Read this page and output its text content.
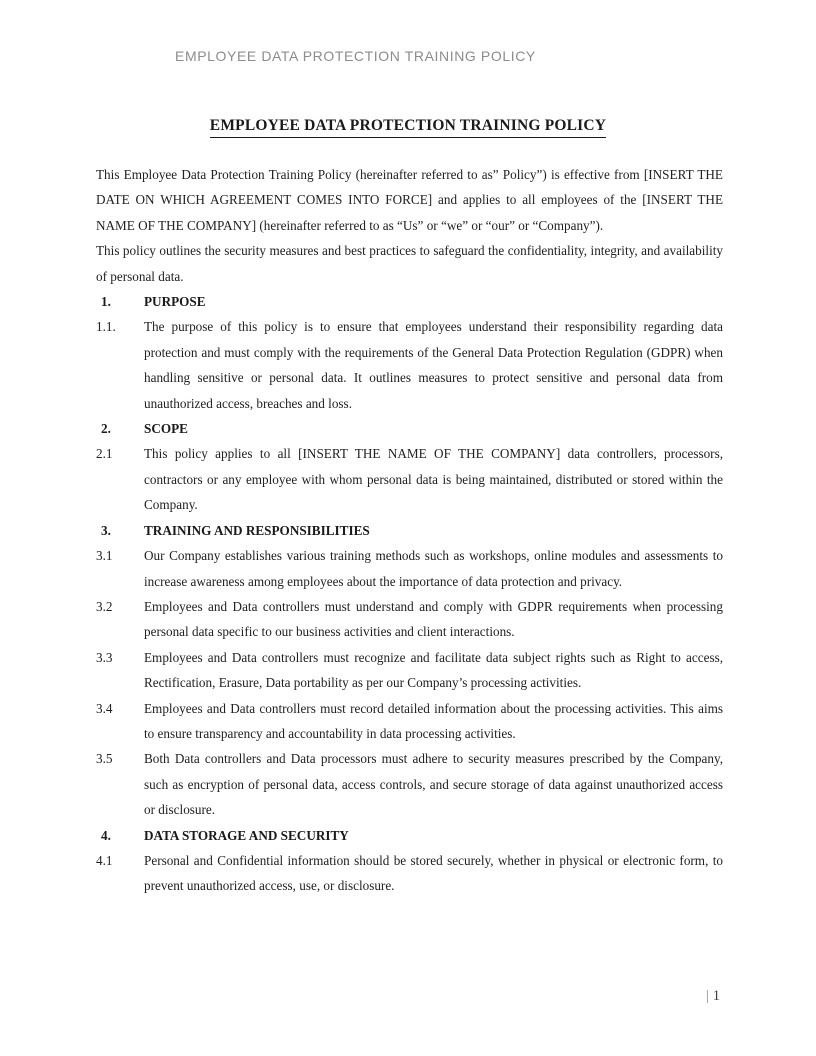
EMPLOYEE DATA PROTECTION TRAINING POLICY
EMPLOYEE DATA PROTECTION TRAINING POLICY

This Employee Data Protection Training Policy (hereinafter referred to as” Policy”) is effective from [INSERT THE DATE ON WHICH AGREEMENT COMES INTO FORCE] and applies to all employees of the [INSERT THE NAME OF THE COMPANY] (hereinafter referred to as “Us” or “we” or “our” or “Company”).

This policy outlines the security measures and best practices to safeguard the confidentiality, integrity, and availability of personal data.

1.	PURPOSE
1.1. The purpose of this policy is to ensure that employees understand their responsibility regarding data protection and must comply with the requirements of the General Data Protection Regulation (GDPR) when handling sensitive or personal data. It outlines measures to protect sensitive and personal data from unauthorized access, breaches and loss.
2.	SCOPE
2.1 This policy applies to all [INSERT THE NAME OF THE COMPANY] data controllers, processors, contractors or any employee with whom personal data is being maintained, distributed or stored within the Company.
3.	TRAINING AND RESPONSIBILITIES
3.1 Our Company establishes various training methods such as workshops, online modules and assessments to increase awareness among employees about the importance of data protection and privacy.
3.2 Employees and Data controllers must understand and comply with GDPR requirements when processing personal data specific to our business activities and client interactions.
3.3 Employees and Data controllers must recognize and facilitate data subject rights such as Right to access, Rectification, Erasure, Data portability as per our Company’s processing activities.
3.4 Employees and Data controllers must record detailed information about the processing activities. This aims to ensure transparency and accountability in data processing activities.
3.5 Both Data controllers and Data processors must adhere to security measures prescribed by the Company, such as encryption of personal data, access controls, and secure storage of data against unauthorized access or disclosure.
4.	DATA STORAGE AND SECURITY
4.1 Personal and Confidential information should be stored securely, whether in physical or electronic form, to prevent unauthorized access, use, or disclosure.
| 1
